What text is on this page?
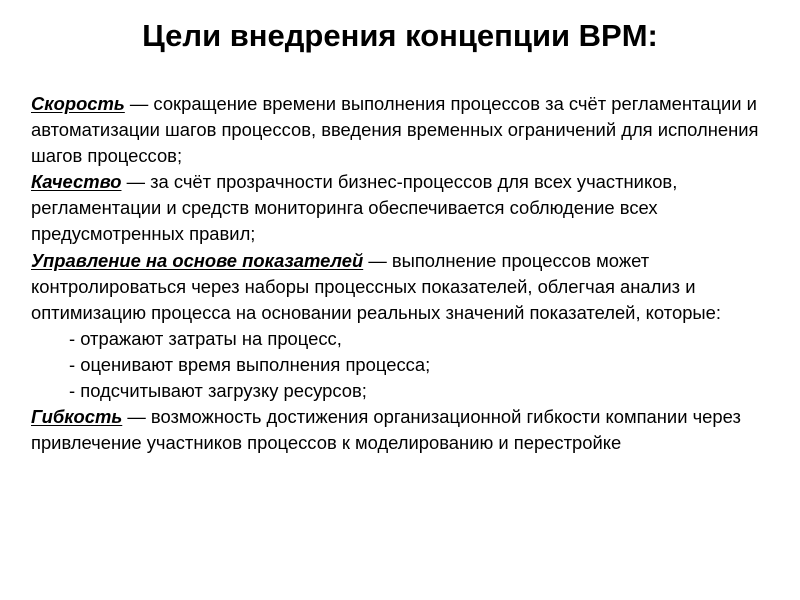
Цели внедрения концепции BPM:

Скорость — сокращение времени выполнения процессов за счёт регламентации и автоматизации шагов процессов, введения временных ограничений для исполнения шагов процессов;

Качество — за счёт прозрачности бизнес-процессов для всех участников, регламентации и средств мониторинга обеспечивается соблюдение всех предусмотренных правил;

Управление на основе показателей — выполнение процессов может контролироваться через наборы процессных показателей, облегчая анализ и оптимизацию процесса на основании реальных значений показателей, которые:

- отражают затраты на процесс,
- оценивают время выполнения процесса;
- подсчитывают загрузку ресурсов;

Гибкость — возможность достижения организационной гибкости компании через привлечение участников процессов к моделированию и перестройке
